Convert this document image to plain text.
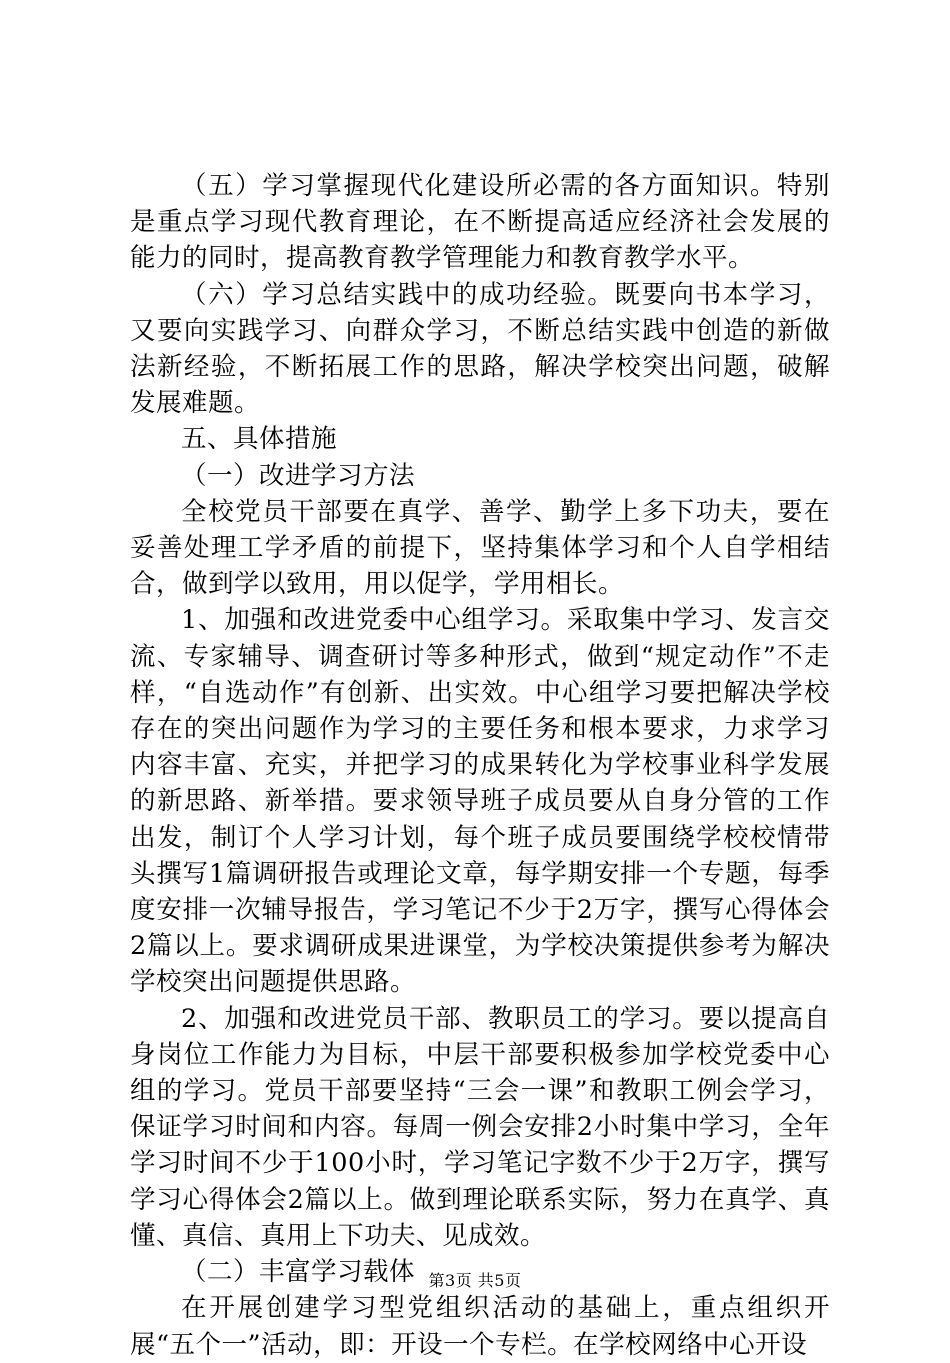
（五）学习掌握现代化建设所必需的各方面知识。特别是重点学习现代教育理论，在不断提高适应经济社会发展的能力的同时，提高教育教学管理能力和教育教学水平。

（六）学习总结实践中的成功经验。既要向书本学习，又要向实践学习、向群众学习，不断总结实践中创造的新做法新经验，不断拓展工作的思路，解决学校突出问题，破解发展难题。

五、具体措施

（一）改进学习方法

全校党员干部要在真学、善学、勤学上多下功夫，要在妥善处理工学矛盾的前提下，坚持集体学习和个人自学相结合，做到学以致用，用以促学，学用相长。

1、加强和改进党委中心组学习。采取集中学习、发言交流、专家辅导、调查研讨等多种形式，做到“规定动作”不走样，“自选动作”有创新、出实效。中心组学习要把解决学校存在的突出问题作为学习的主要任务和根本要求，力求学习内容丰富、充实，并把学习的成果转化为学校事业科学发展的新思路、新举措。要求领导班子成员要从自身分管的工作出发，制订个人学习计划，每个班子成员要围绕学校校情带头撰写1篇调研报告或理论文章，每学期安排一个专题，每季度安排一次辅导报告，学习笔记不少于2万字，撰写心得体会2篇以上。要求调研成果进课堂，为学校决策提供参考为解决学校突出问题提供思路。

2、加强和改进党员干部、教职员工的学习。要以提高自身岗位工作能力为目标，中层干部要积极参加学校党委中心组的学习。党员干部要坚持“三会一课”和教职工例会学习，保证学习时间和内容。每周一例会安排2小时集中学习，全年学习时间不少于100小时，学习笔记字数不少于2万字，撰写学习心得体会2篇以上。做到理论联系实际，努力在真学、真懂、真信、真用上下功夫、见成效。

（二）丰富学习载体

在开展创建学习型党组织活动的基础上，重点组织开展“五个一”活动，即：开设一个专栏。在学校网络中心开设

第3页 共5页
